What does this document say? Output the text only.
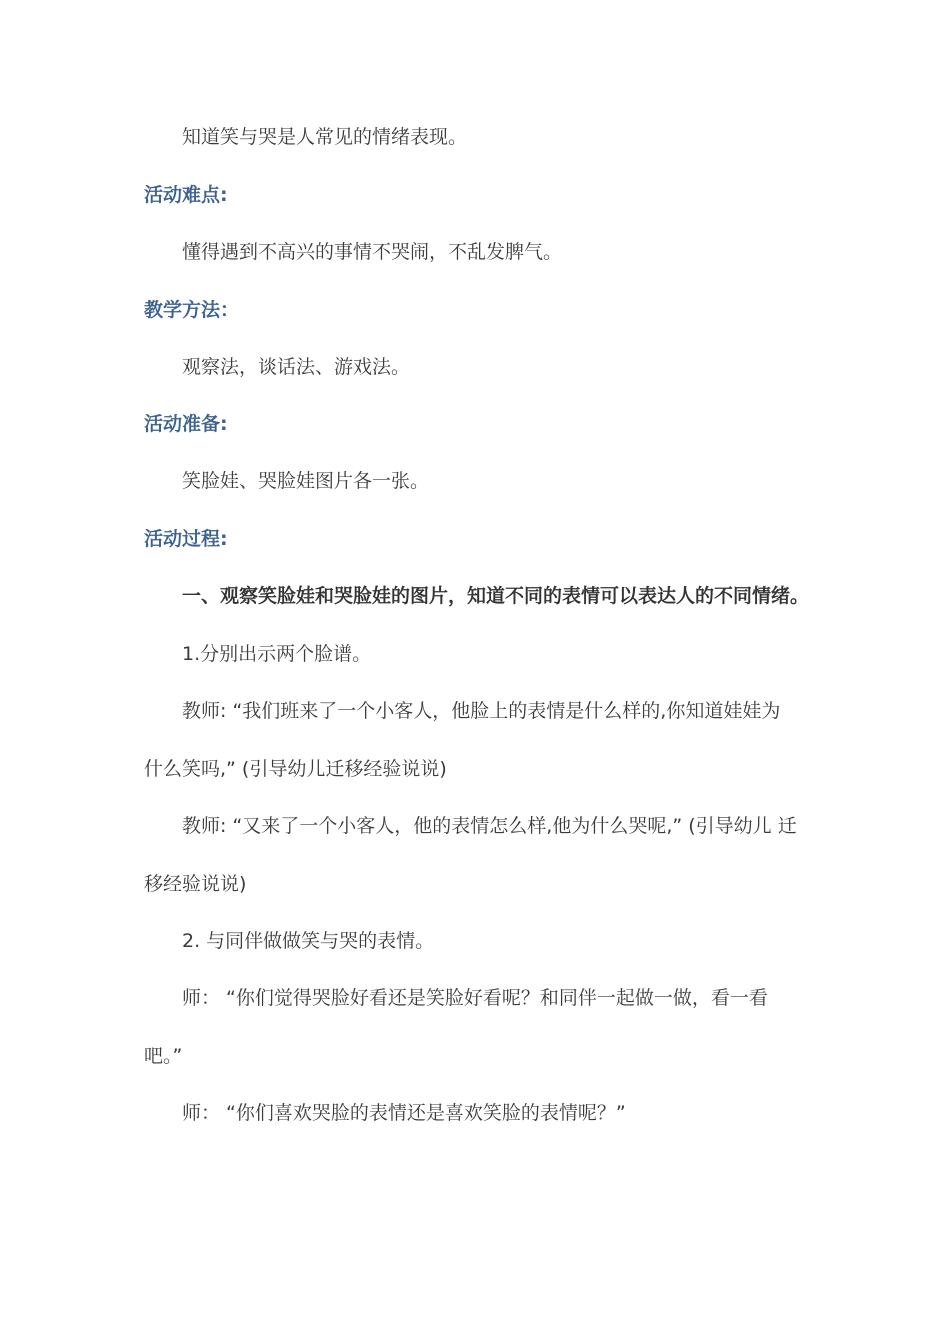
知道笑与哭是人常见的情绪表现。
活动难点:
懂得遇到不高兴的事情不哭闹，不乱发脾气。
教学方法：
观察法，谈话法、游戏法。
活动准备:
笑脸娃、哭脸娃图片各一张。
活动过程:
一、观察笑脸娃和哭脸娃的图片，知道不同的表情可以表达人的不同情绪。
1.分别出示两个脸谱。
教师: “我们班来了一个小客人，他脸上的表情是什么样的,你知道娃娃为
什么笑吗,” (引导幼儿迁移经验说说)
教师: “又来了一个小客人，他的表情怎么样,他为什么哭呢,” (引导幼儿 迁
移经验说说)
2. 与同伴做做笑与哭的表情。
师： “你们觉得哭脸好看还是笑脸好看呢？和同伴一起做一做，看一看
吧。”
师： “你们喜欢哭脸的表情还是喜欢笑脸的表情呢？”
